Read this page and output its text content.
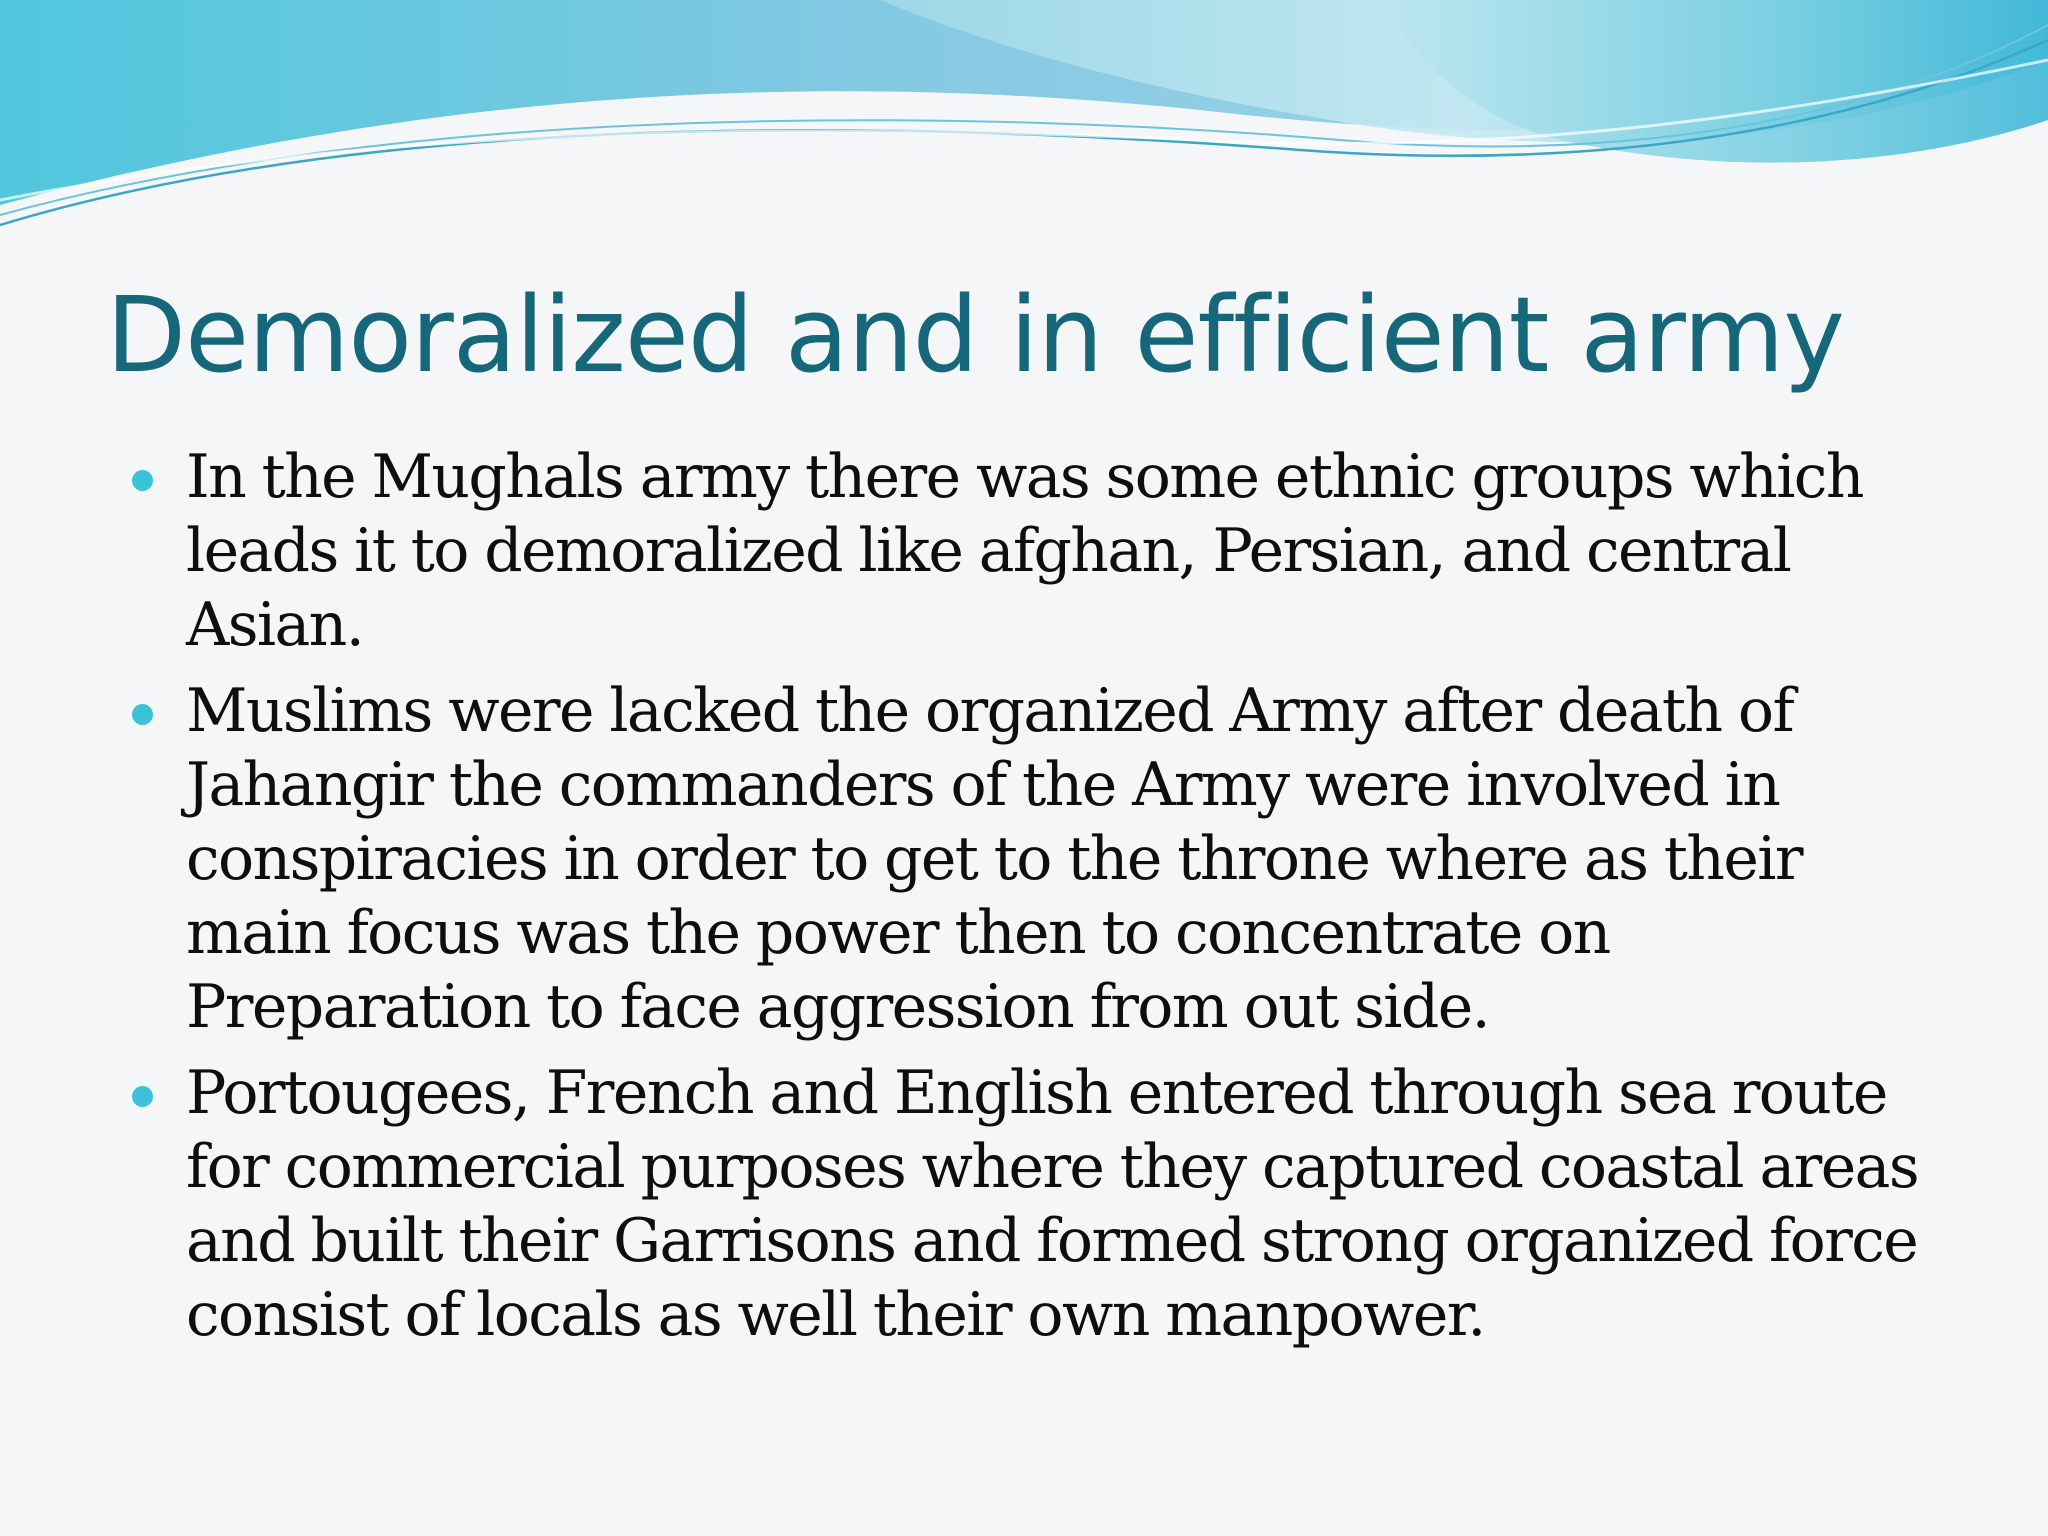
Demoralized and in efficient army
In the Mughals army there was some ethnic groups which leads it to demoralized like afghan, Persian, and central Asian.
Muslims were lacked the organized Army after death of Jahangir the commanders of the Army were involved in conspiracies in order to get to the throne where as their main focus was the power then to concentrate on Preparation to face aggression from out side.
Portougees, French and English entered through sea route for commercial purposes where they captured coastal areas and built their Garrisons and formed strong organized force consist of locals as well their own manpower.
